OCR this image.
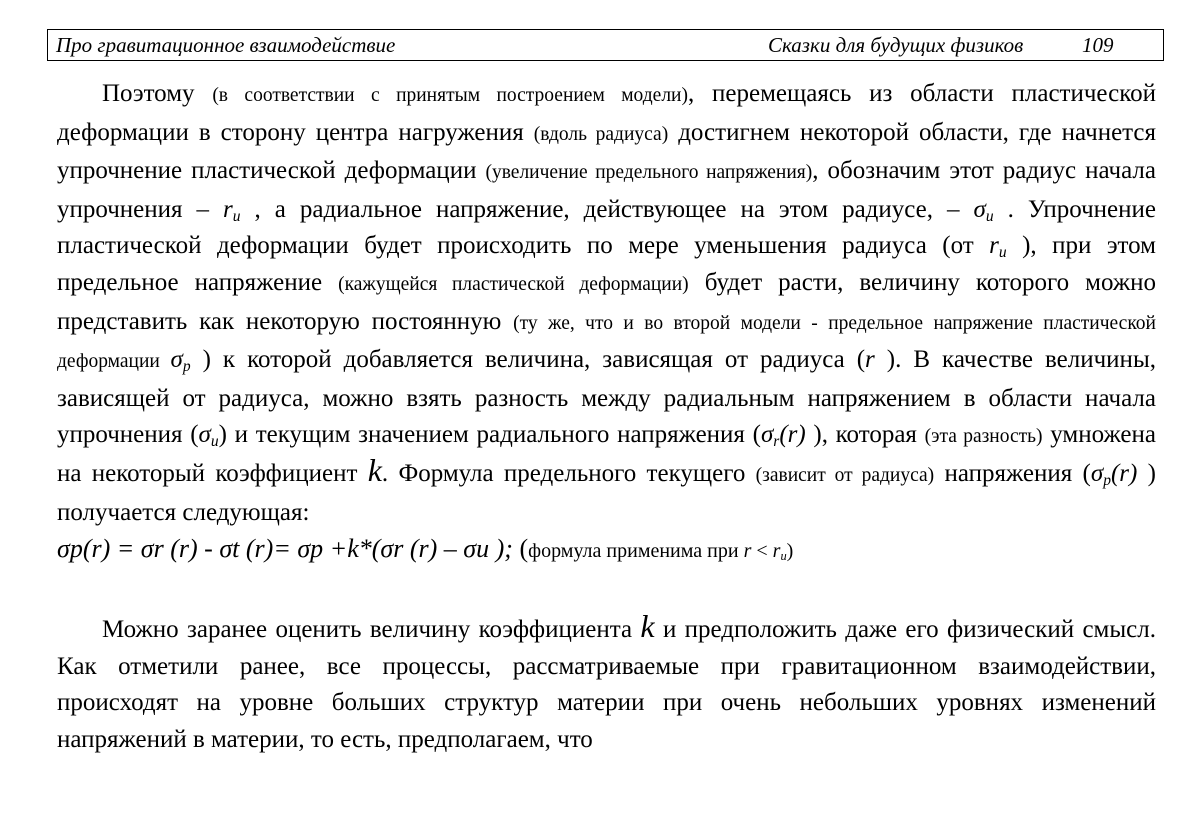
Про гравитационное взаимодействие	Сказки для будущих физиков	109

Поэтому (в соответствии с принятым построением модели), перемещаясь из области пластической деформации в сторону центра нагружения (вдоль радиуса) достигнем некоторой области, где начнется упрочнение пластической деформации (увеличение предельного напряжения), обозначим этот радиус начала упрочнения – $r_u$ , а радиальное напряжение, действующее на этом радиусе, – $\sigma_u$ . Упрочнение пластической деформации будет происходить по мере уменьшения радиуса (от $r_u$ ), при этом предельное напряжение (кажущейся пластической деформации) будет расти, величину которого можно представить как некоторую постоянную (ту же, что и во второй модели - предельное напряжение пластической деформации $\sigma_p$ ) к которой добавляется величина, зависящая от радиуса (r ). В качестве величины, зависящей от радиуса, можно взять разность между радиальным напряжением в области начала упрочнения $(\sigma_u)$ и текущим значением радиального напряжения ($\sigma_r(r)$ ), которая (эта разность) умножена на некоторый коэффициент k. Формула предельного текущего (зависит от радиуса) напряжения ($\sigma_p(r)$ ) получается следующая:

σp(r) = σr (r) - σt (r)= σp +k*(σr (r) – σu ); (формула применима при $r < r_u$)

Можно заранее оценить величину коэффициента k и предположить даже его физический смысл. Как отметили ранее, все процессы, рассматриваемые при гравитационном взаимодействии, происходят на уровне больших структур материи при очень небольших уровнях изменений напряжений в материи, то есть, предполагаем, что
